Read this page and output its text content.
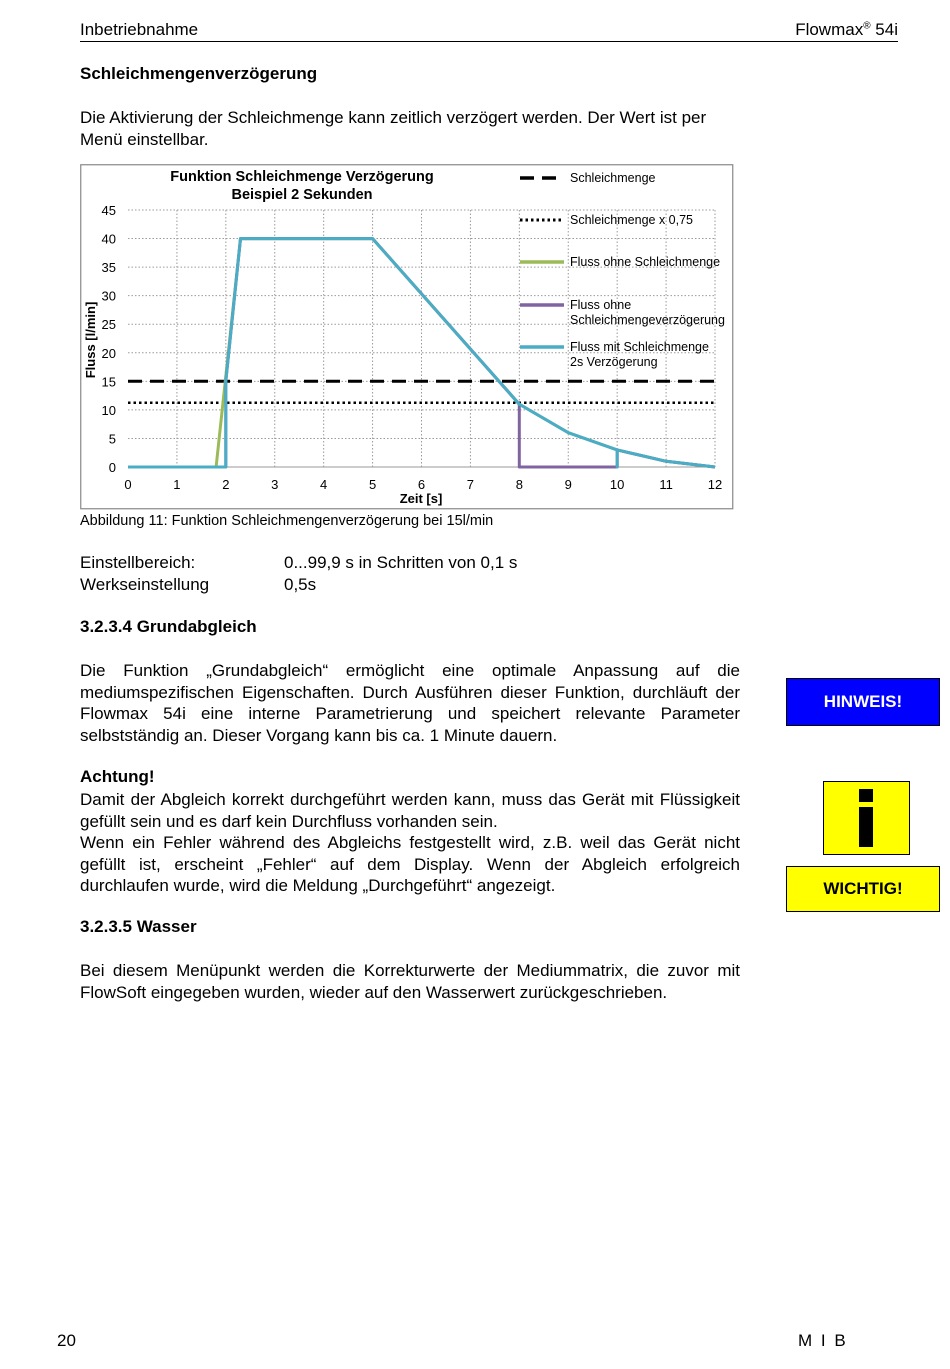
Inbetriebnahme	Flowmax® 54i
Schleichmengenverzögerung
Die Aktivierung der Schleichmenge kann zeitlich verzögert werden. Der Wert ist per Menü einstellbar.
Funktion Schleichmenge Verzögerung
Beispiel 2 Sekunden
0
5
10
15
20
25
30
35
40
45
0	1	2	3	4	5	6	7	8	9	10	11	12
Schleichmenge
Schleichmenge x 0,75
Fluss ohne Schleichmenge
Fluss ohne Schleichmengeverzögerung
Fluss mit Schleichmenge 2s Verzögerung
Zeit [s]
Fluss [l/min]
Abbildung 11: Funktion Schleichmengenverzögerung bei 15l/min
Einstellbereich:	0...99,9 s in Schritten von 0,1 s
Werkseinstellung	0,5s
3.2.3.4 Grundabgleich
Die Funktion „Grundabgleich“ ermöglicht eine optimale Anpassung auf die mediumspezifischen Eigenschaften. Durch Ausführen dieser Funktion, durchläuft der Flowmax 54i eine interne Parametrierung und speichert relevante Parameter selbstständig an. Dieser Vorgang kann bis ca. 1 Minute dauern.
Achtung!
Damit der Abgleich korrekt durchgeführt werden kann, muss das Gerät mit Flüssigkeit gefüllt sein und es darf kein Durchfluss vorhanden sein.
Wenn ein Fehler während des Abgleichs festgestellt wird, z.B. weil das Gerät nicht gefüllt ist, erscheint „Fehler“ auf dem Display. Wenn der Abgleich erfolgreich durchlaufen wurde, wird die Meldung „Durchgeführt“ angezeigt.
3.2.3.5 Wasser
Bei diesem Menüpunkt werden die Korrekturwerte der Mediummatrix, die zuvor mit FlowSoft eingegeben wurden, wieder auf den Wasserwert zurückgeschrieben.
HINWEIS!
WICHTIG!
20	M I B
